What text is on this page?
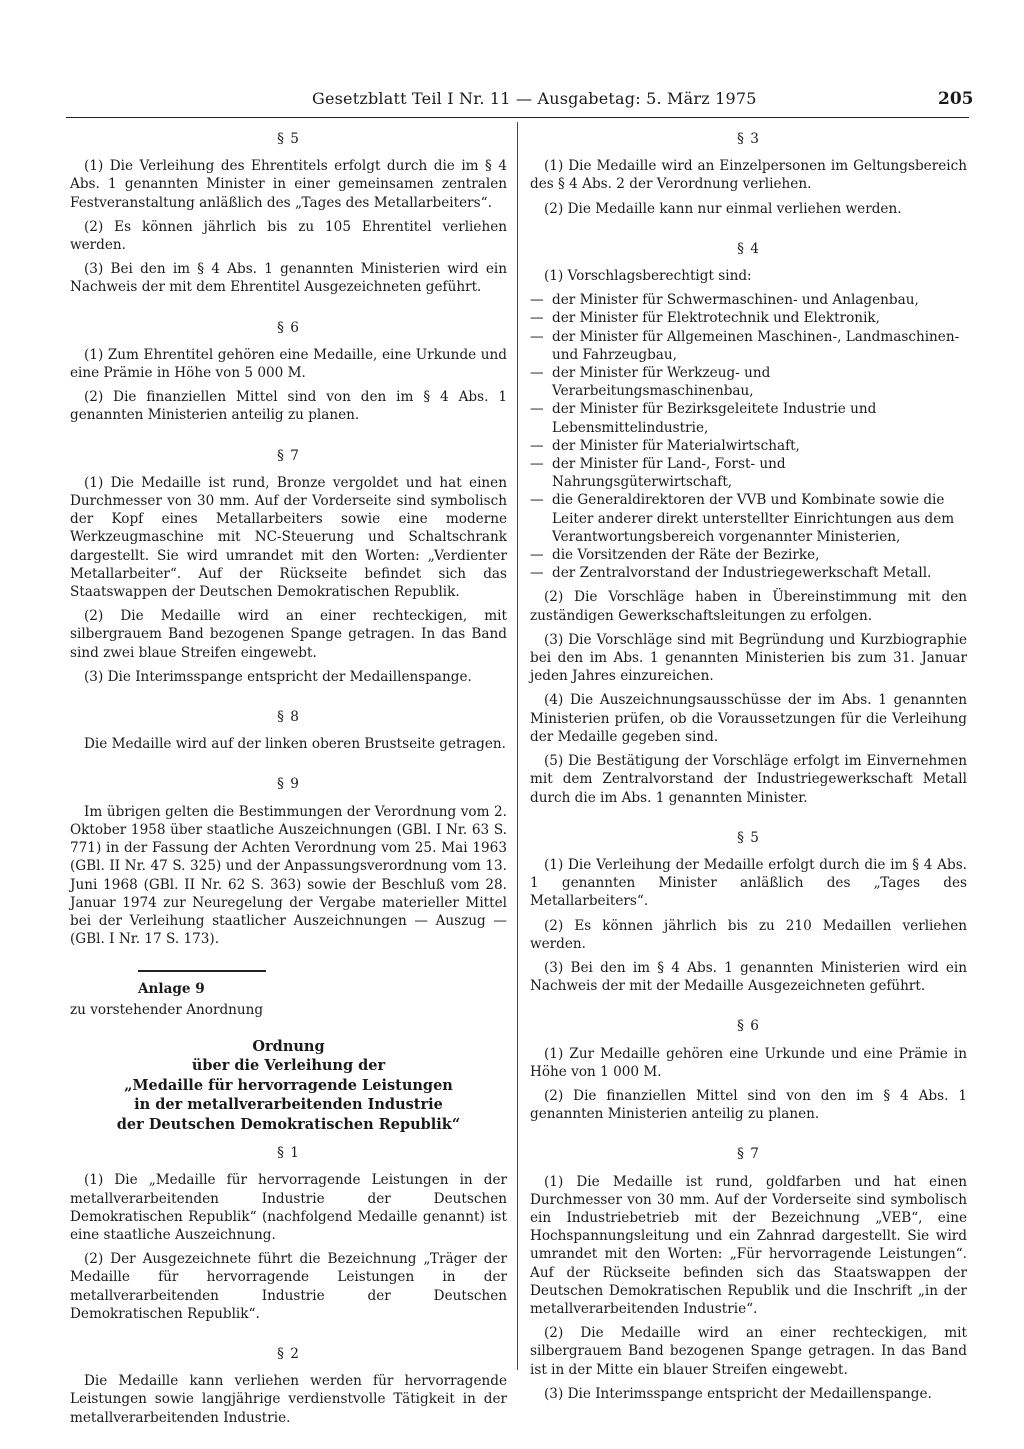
Gesetzblatt Teil I Nr. 11 — Ausgabetag: 5. März 1975	205
§ 5

(1) Die Verleihung des Ehrentitels erfolgt durch die im § 4 Abs. 1 genannten Minister in einer gemeinsamen zentralen Festveranstaltung anläßlich des „Tages des Metallarbeiters“.

(2) Es können jährlich bis zu 105 Ehrentitel verliehen werden.

(3) Bei den im § 4 Abs. 1 genannten Ministerien wird ein Nachweis der mit dem Ehrentitel Ausgezeichneten geführt.

§ 6

(1) Zum Ehrentitel gehören eine Medaille, eine Urkunde und eine Prämie in Höhe von 5 000 M.

(2) Die finanziellen Mittel sind von den im § 4 Abs. 1 genannten Ministerien anteilig zu planen.

§ 7

(1) Die Medaille ist rund, Bronze vergoldet und hat einen Durchmesser von 30 mm. Auf der Vorderseite sind symbolisch der Kopf eines Metallarbeiters sowie eine moderne Werkzeugmaschine mit NC-Steuerung und Schaltschrank dargestellt. Sie wird umrandet mit den Worten: „Verdienter Metallarbeiter“. Auf der Rückseite befindet sich das Staatswappen der Deutschen Demokratischen Republik.

(2) Die Medaille wird an einer rechteckigen, mit silbergrauem Band bezogenen Spange getragen. In das Band sind zwei blaue Streifen eingewebt.

(3) Die Interimsspange entspricht der Medaillenspange.

§ 8

Die Medaille wird auf der linken oberen Brustseite getragen.

§ 9

Im übrigen gelten die Bestimmungen der Verordnung vom 2. Oktober 1958 über staatliche Auszeichnungen (GBl. I Nr. 63 S. 771) in der Fassung der Achten Verordnung vom 25. Mai 1963 (GBl. II Nr. 47 S. 325) und der Anpassungsverordnung vom 13. Juni 1968 (GBl. II Nr. 62 S. 363) sowie der Beschluß vom 28. Januar 1974 zur Neuregelung der Vergabe materieller Mittel bei der Verleihung staatlicher Auszeichnungen — Auszug — (GBl. I Nr. 17 S. 173).

Anlage 9
zu vorstehender Anordnung
Ordnung
über die Verleihung der
„Medaille für hervorragende Leistungen
in der metallverarbeitenden Industrie
der Deutschen Demokratischen Republik“
§ 1

(1) Die „Medaille für hervorragende Leistungen in der metallverarbeitenden Industrie der Deutschen Demokratischen Republik“ (nachfolgend Medaille genannt) ist eine staatliche Auszeichnung.

(2) Der Ausgezeichnete führt die Bezeichnung „Träger der Medaille für hervorragende Leistungen in der metallverarbeitenden Industrie der Deutschen Demokratischen Republik“.

§ 2

Die Medaille kann verliehen werden für hervorragende Leistungen sowie langjährige verdienstvolle Tätigkeit in der metallverarbeitenden Industrie.

§ 3

(1) Die Medaille wird an Einzelpersonen im Geltungsbereich des § 4 Abs. 2 der Verordnung verliehen.

(2) Die Medaille kann nur einmal verliehen werden.

§ 4

(1) Vorschlagsberechtigt sind:

— der Minister für Schwermaschinen- und Anlagenbau,
— der Minister für Elektrotechnik und Elektronik,
— der Minister für Allgemeinen Maschinen-, Landmaschinen- und Fahrzeugbau,
— der Minister für Werkzeug- und Verarbeitungsmaschinenbau,
— der Minister für Bezirksgeleitete Industrie und Lebensmittelindustrie,
— der Minister für Materialwirtschaft,
— der Minister für Land-, Forst- und Nahrungsgüterwirtschaft,
— die Generaldirektoren der VVB und Kombinate sowie die Leiter anderer direkt unterstellter Einrichtungen aus dem Verantwortungsbereich vorgenannter Ministerien,
— die Vorsitzenden der Räte der Bezirke,
— der Zentralvorstand der Industriegewerkschaft Metall.

(2) Die Vorschläge haben in Übereinstimmung mit den zuständigen Gewerkschaftsleitungen zu erfolgen.

(3) Die Vorschläge sind mit Begründung und Kurzbiographie bei den im Abs. 1 genannten Ministerien bis zum 31. Januar jeden Jahres einzureichen.

(4) Die Auszeichnungsausschüsse der im Abs. 1 genannten Ministerien prüfen, ob die Voraussetzungen für die Verleihung der Medaille gegeben sind.

(5) Die Bestätigung der Vorschläge erfolgt im Einvernehmen mit dem Zentralvorstand der Industriegewerkschaft Metall durch die im Abs. 1 genannten Minister.

§ 5

(1) Die Verleihung der Medaille erfolgt durch die im § 4 Abs. 1 genannten Minister anläßlich des „Tages des Metallarbeiters“.

(2) Es können jährlich bis zu 210 Medaillen verliehen werden.

(3) Bei den im § 4 Abs. 1 genannten Ministerien wird ein Nachweis der mit der Medaille Ausgezeichneten geführt.

§ 6

(1) Zur Medaille gehören eine Urkunde und eine Prämie in Höhe von 1 000 M.

(2) Die finanziellen Mittel sind von den im § 4 Abs. 1 genannten Ministerien anteilig zu planen.

§ 7

(1) Die Medaille ist rund, goldfarben und hat einen Durchmesser von 30 mm. Auf der Vorderseite sind symbolisch ein Industriebetrieb mit der Bezeichnung „VEB“, eine Hochspannungsleitung und ein Zahnrad dargestellt. Sie wird umrandet mit den Worten: „Für hervorragende Leistungen“. Auf der Rückseite befinden sich das Staatswappen der Deutschen Demokratischen Republik und die Inschrift „in der metallverarbeitenden Industrie“.

(2) Die Medaille wird an einer rechteckigen, mit silbergrauem Band bezogenen Spange getragen. In das Band ist in der Mitte ein blauer Streifen eingewebt.

(3) Die Interimsspange entspricht der Medaillenspange.
